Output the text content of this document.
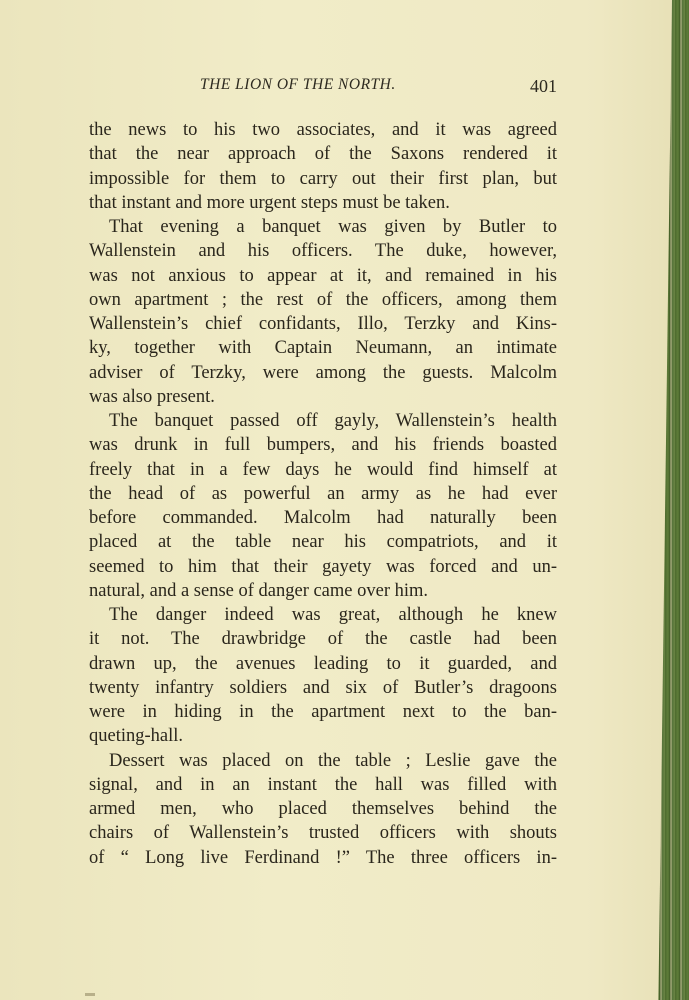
THE LION OF THE NORTH.	401
the news to his two associates, and it was agreed
that the near approach of the Saxons rendered it
impossible for them to carry out their first plan, but
that instant and more urgent steps must be taken.
That evening a banquet was given by Butler to
Wallenstein and his officers. The duke, however,
was not anxious to appear at it, and remained in his
own apartment ; the rest of the officers, among them
Wallenstein’s chief confidants, Illo, Terzky and Kins-
ky, together with Captain Neumann, an intimate
adviser of Terzky, were among the guests. Malcolm
was also present.
The banquet passed off gayly, Wallenstein’s health
was drunk in full bumpers, and his friends boasted
freely that in a few days he would find himself at
the head of as powerful an army as he had ever
before commanded. Malcolm had naturally been
placed at the table near his compatriots, and it
seemed to him that their gayety was forced and un-
natural, and a sense of danger came over him.
The danger indeed was great, although he knew
it not. The drawbridge of the castle had been
drawn up, the avenues leading to it guarded, and
twenty infantry soldiers and six of Butler’s dragoons
were in hiding in the apartment next to the ban-
queting-hall.
Dessert was placed on the table ; Leslie gave the
signal, and in an instant the hall was filled with
armed men, who placed themselves behind the
chairs of Wallenstein’s trusted officers with shouts
of “ Long live Ferdinand !” The three officers in-
